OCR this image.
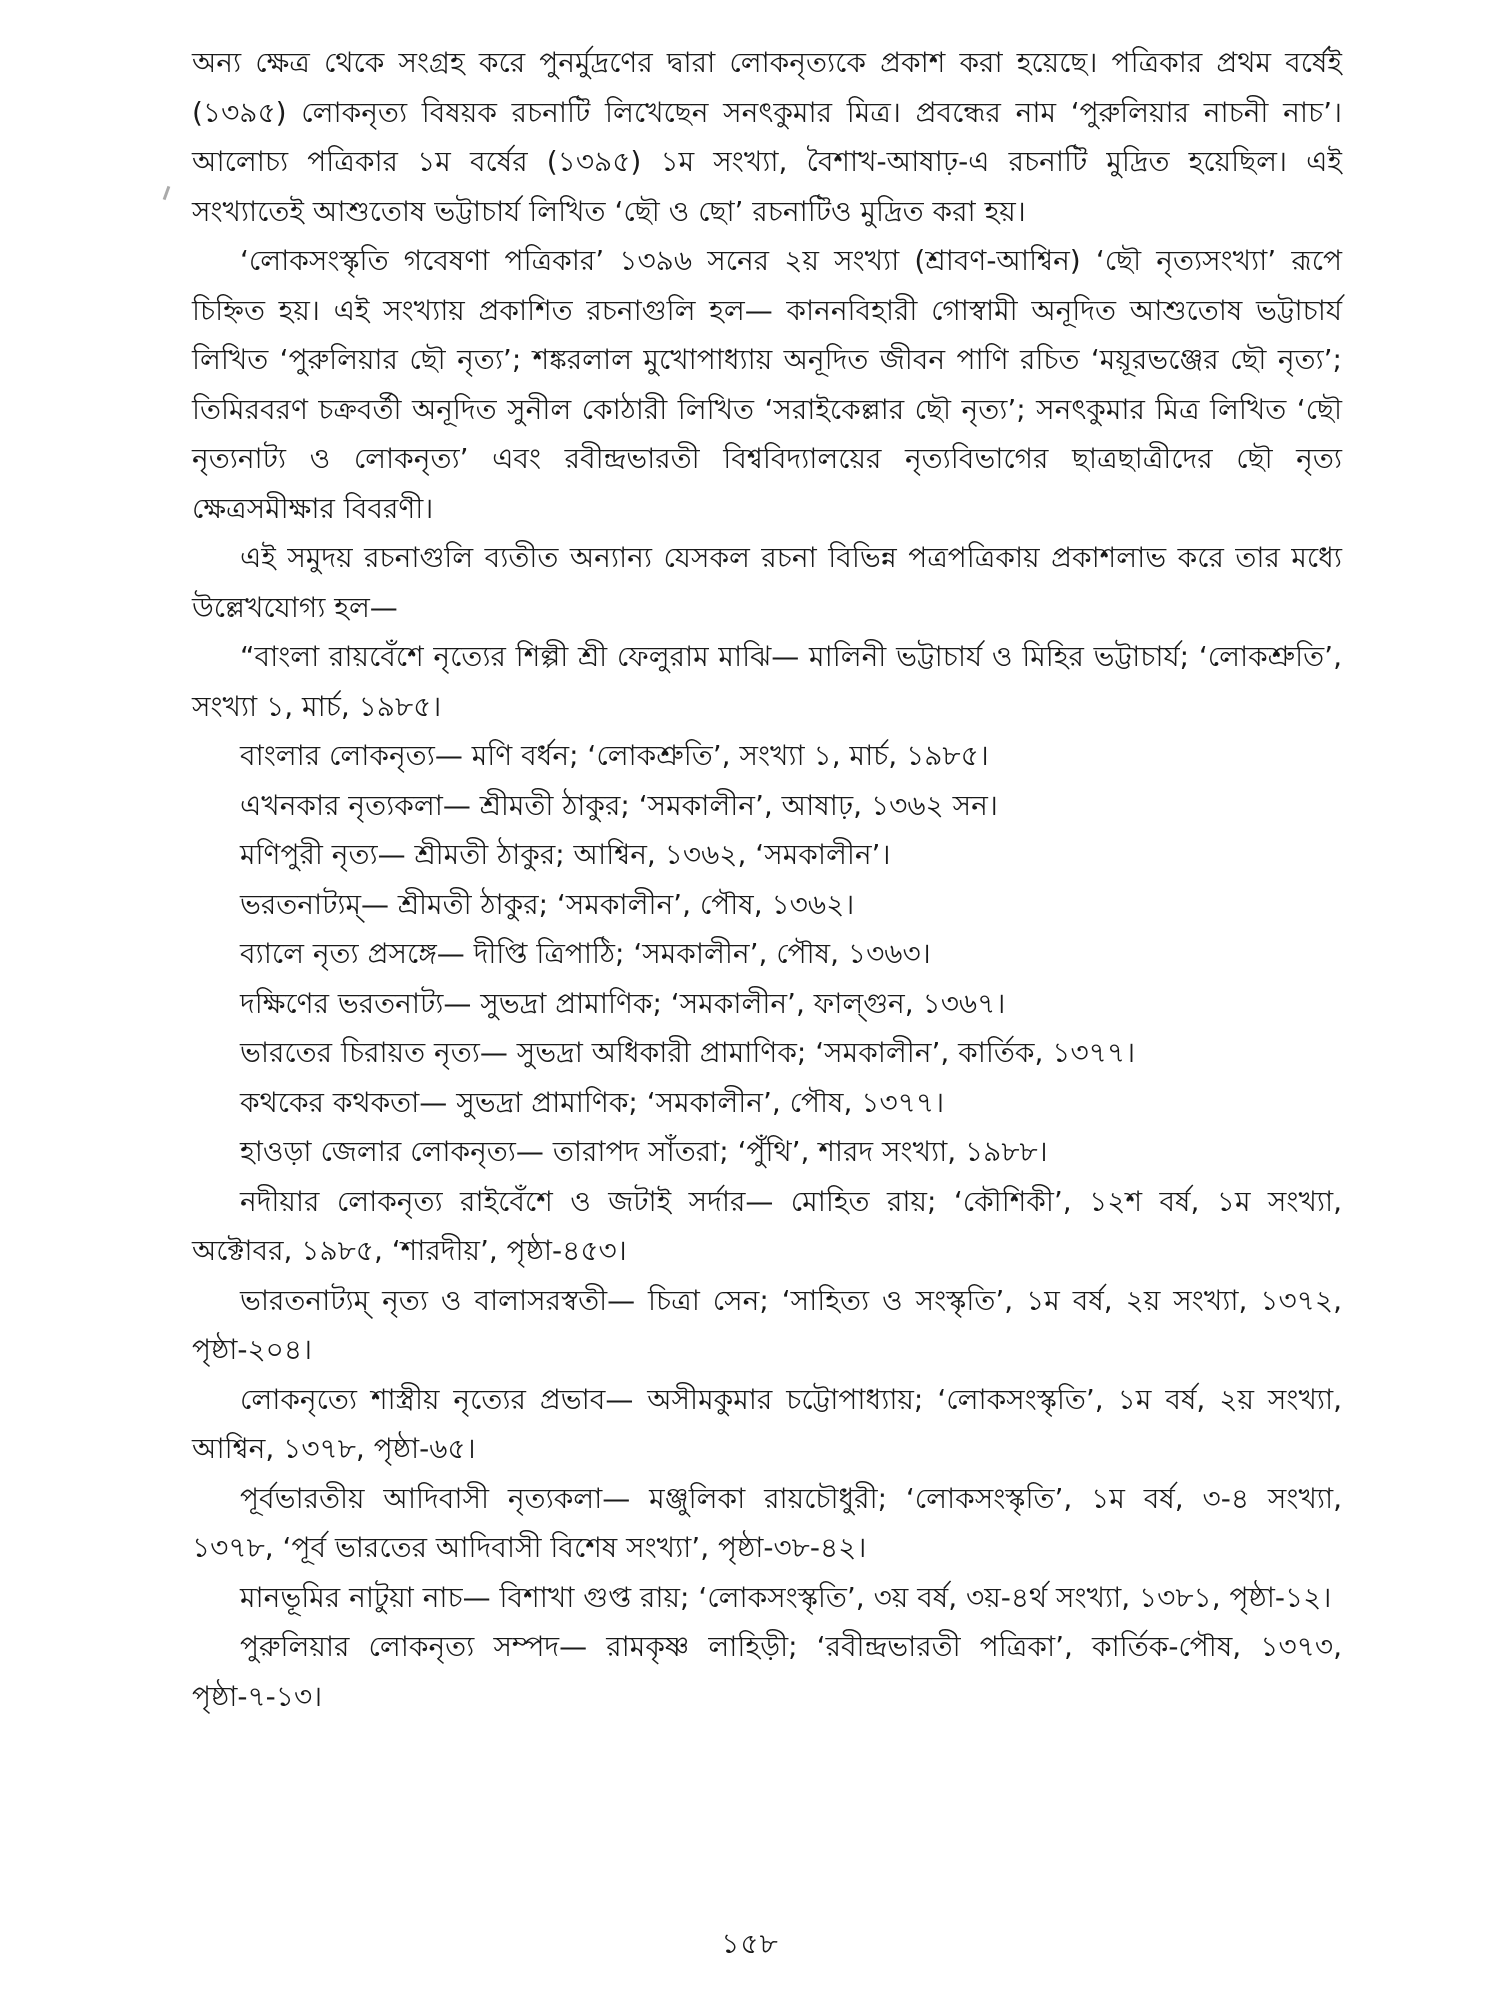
অন্য ক্ষেত্র থেকে সংগ্রহ করে পুনর্মুদ্রণের দ্বারা লোকনৃত্যকে প্রকাশ করা হয়েছে। পত্রিকার প্রথম বর্ষেই (১৩৯৫) লোকনৃত্য বিষয়ক রচনাটি লিখেছেন সনৎকুমার মিত্র। প্রবন্ধের নাম ‘পুরুলিয়ার নাচনী নাচ’। আলোচ্য পত্রিকার ১ম বর্ষের (১৩৯৫) ১ম সংখ্যা, বৈশাখ-আষাঢ়-এ রচনাটি মুদ্রিত হয়েছিল। এই সংখ্যাতেই আশুতোষ ভট্টাচার্য লিখিত ‘ছৌ ও ছো’ রচনাটিও মুদ্রিত করা হয়।

‘লোকসংস্কৃতি গবেষণা পত্রিকার’ ১৩৯৬ সনের ২য় সংখ্যা (শ্রাবণ-আশ্বিন) ‘ছৌ নৃত্যসংখ্যা’ রূপে চিহ্নিত হয়। এই সংখ্যায় প্রকাশিত রচনাগুলি হল— কাননবিহারী গোস্বামী অনূদিত আশুতোষ ভট্টাচার্য লিখিত ‘পুরুলিয়ার ছৌ নৃত্য’; শঙ্করলাল মুখোপাধ্যায় অনূদিত জীবন পাণি রচিত ‘ময়ূরভঞ্জের ছৌ নৃত্য’; তিমিরবরণ চক্রবর্তী অনূদিত সুনীল কোঠারী লিখিত ‘সরাইকেল্লার ছৌ নৃত্য’; সনৎকুমার মিত্র লিখিত ‘ছৌ নৃত্যনাট্য ও লোকনৃত্য’ এবং রবীন্দ্রভারতী বিশ্ববিদ্যালয়ের নৃত্যবিভাগের ছাত্রছাত্রীদের ছৌ নৃত্য ক্ষেত্রসমীক্ষার বিবরণী।

এই সমুদয় রচনাগুলি ব্যতীত অন্যান্য যেসকল রচনা বিভিন্ন পত্রপত্রিকায় প্রকাশলাভ করে তার মধ্যে উল্লেখযোগ্য হল—

“বাংলা রায়বেঁশে নৃত্যের শিল্পী শ্রী ফেলুরাম মাঝি— মালিনী ভট্টাচার্য ও মিহির ভট্টাচার্য; ‘লোকশ্রুতি’, সংখ্যা ১, মার্চ, ১৯৮৫।

বাংলার লোকনৃত্য— মণি বর্ধন; ‘লোকশ্রুতি’, সংখ্যা ১, মার্চ, ১৯৮৫।

এখনকার নৃত্যকলা— শ্রীমতী ঠাকুর; ‘সমকালীন’, আষাঢ়, ১৩৬২ সন।

মণিপুরী নৃত্য— শ্রীমতী ঠাকুর; আশ্বিন, ১৩৬২, ‘সমকালীন’।

ভরতনাট্যম্— শ্রীমতী ঠাকুর; ‘সমকালীন’, পৌষ, ১৩৬২।

ব্যালে নৃত্য প্রসঙ্গে— দীপ্তি ত্রিপাঠি; ‘সমকালীন’, পৌষ, ১৩৬৩।

দক্ষিণের ভরতনাট্য— সুভদ্রা প্রামাণিক; ‘সমকালীন’, ফাল্গুন, ১৩৬৭।

ভারতের চিরায়ত নৃত্য— সুভদ্রা অধিকারী প্রামাণিক; ‘সমকালীন’, কার্তিক, ১৩৭৭।

কথকের কথকতা— সুভদ্রা প্রামাণিক; ‘সমকালীন’, পৌষ, ১৩৭৭।

হাওড়া জেলার লোকনৃত্য— তারাপদ সাঁতরা; ‘পুঁথি’, শারদ সংখ্যা, ১৯৮৮।

নদীয়ার লোকনৃত্য রাইবেঁশে ও জটাই সর্দার— মোহিত রায়; ‘কৌশিকী’, ১২শ বর্ষ, ১ম সংখ্যা, অক্টোবর, ১৯৮৫, ‘শারদীয়’, পৃষ্ঠা-৪৫৩।

ভারতনাট্যম্ নৃত্য ও বালাসরস্বতী— চিত্রা সেন; ‘সাহিত্য ও সংস্কৃতি’, ১ম বর্ষ, ২য় সংখ্যা, ১৩৭২, পৃষ্ঠা-২০৪।

লোকনৃত্যে শাস্ত্রীয় নৃত্যের প্রভাব— অসীমকুমার চট্টোপাধ্যায়; ‘লোকসংস্কৃতি’, ১ম বর্ষ, ২য় সংখ্যা, আশ্বিন, ১৩৭৮, পৃষ্ঠা-৬৫।

পূর্বভারতীয় আদিবাসী নৃত্যকলা— মঞ্জুলিকা রায়চৌধুরী; ‘লোকসংস্কৃতি’, ১ম বর্ষ, ৩-৪ সংখ্যা, ১৩৭৮, ‘পূর্ব ভারতের আদিবাসী বিশেষ সংখ্যা’, পৃষ্ঠা-৩৮-৪২।

মানভূমির নাটুয়া নাচ— বিশাখা গুপ্ত রায়; ‘লোকসংস্কৃতি’, ৩য় বর্ষ, ৩য়-৪র্থ সংখ্যা, ১৩৮১, পৃষ্ঠা-১২।

পুরুলিয়ার লোকনৃত্য সম্পদ— রামকৃষ্ণ লাহিড়ী; ‘রবীন্দ্রভারতী পত্রিকা’, কার্তিক-পৌষ, ১৩৭৩, পৃষ্ঠা-৭-১৩।

১৫৮
